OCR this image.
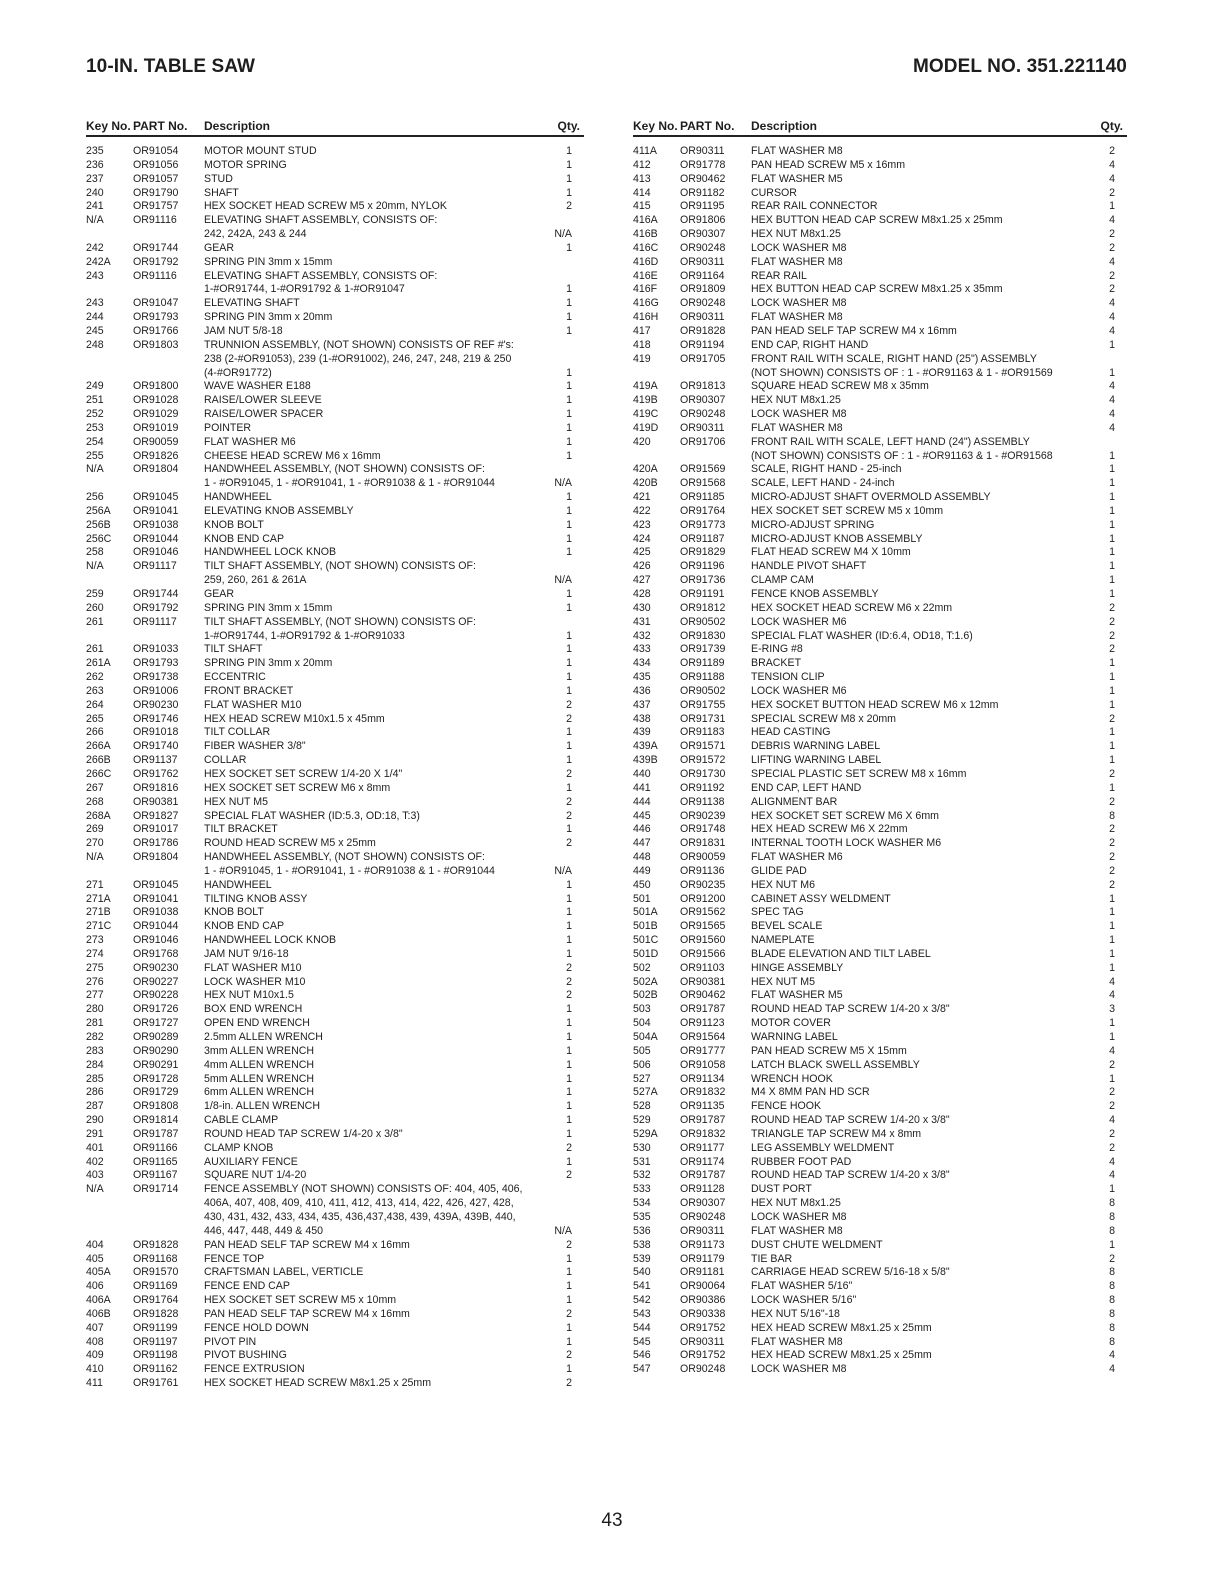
10-IN. TABLE SAW	MODEL NO. 351.221140
Key No. PART No. Description	Qty.
235	OR91054 MOTOR MOUNT STUD	1
236	OR91056 MOTOR SPRING	1
237	OR91057 STUD	1
240	OR91790 SHAFT	1
241	OR91757 HEX SOCKET HEAD SCREW M5 x 20mm, NYLOK	2
N/A	OR91116	ELEVATING SHAFT ASSEMBLY, CONSISTS OF:
242, 242A, 243 & 244	N/A
242	OR91744 GEAR	1
242A OR91792 SPRING PIN 3mm x 15mm
243	OR91116	ELEVATING SHAFT ASSEMBLY, CONSISTS OF:
1-#OR91744, 1-#OR91792 & 1-#OR91047	1
243	OR91047 ELEVATING SHAFT	1
244	OR91793 SPRING PIN 3mm x 20mm	1
245	OR91766 JAM NUT 5/8-18	1
248	OR91803 TRUNNION ASSEMBLY, (NOT SHOWN) CONSISTS OF REF #'s:
238 (2-#OR91053), 239 (1-#OR91002), 246, 247, 248, 219 & 250
(4-#OR91772)	1
249	OR91800 WAVE WASHER E188	1
251	OR91028 RAISE/LOWER SLEEVE	1
252	OR91029 RAISE/LOWER SPACER	1
253	OR91019 POINTER	1
254	OR90059 FLAT WASHER M6	1
255	OR91826 CHEESE HEAD SCREW M6 x 16mm	1
N/A	OR91804 HANDWHEEL ASSEMBLY, (NOT SHOWN) CONSISTS OF:
1 - #OR91045, 1 - #OR91041, 1 - #OR91038 & 1 - #OR91044	N/A
256	OR91045 HANDWHEEL	1
256A OR91041 ELEVATING KNOB ASSEMBLY	1
256B OR91038 KNOB BOLT	1
256C OR91044 KNOB END CAP	1
258	OR91046 HANDWHEEL LOCK KNOB	1
N/A	OR91117	TILT SHAFT ASSEMBLY, (NOT SHOWN) CONSISTS OF:
259, 260, 261 & 261A	N/A
259	OR91744 GEAR	1
260	OR91792 SPRING PIN 3mm x 15mm	1
261	OR91117	TILT SHAFT ASSEMBLY, (NOT SHOWN) CONSISTS OF:
1-#OR91744, 1-#OR91792 & 1-#OR91033	1
261	OR91033 TILT SHAFT	1
261A OR91793 SPRING PIN 3mm x 20mm	1
262	OR91738 ECCENTRIC	1
263	OR91006 FRONT BRACKET	1
264	OR90230 FLAT WASHER M10	2
265	OR91746 HEX HEAD SCREW M10x1.5 x 45mm	2
266	OR91018 TILT COLLAR	1
266A OR91740 FIBER WASHER 3/8"	1
266B OR91137 COLLAR	1
266C OR91762 HEX SOCKET SET SCREW 1/4-20 X 1/4"	2
267	OR91816 HEX SOCKET SET SCREW M6 x 8mm	1
268	OR90381 HEX NUT M5	2
268A OR91827 SPECIAL FLAT WASHER (ID:5.3, OD:18, T:3)	2
269	OR91017 TILT BRACKET	1
270	OR91786 ROUND HEAD SCREW M5 x 25mm	2
N/A	OR91804 HANDWHEEL ASSEMBLY, (NOT SHOWN) CONSISTS OF:
1 - #OR91045, 1 - #OR91041, 1 - #OR91038 & 1 - #OR91044	N/A
271	OR91045 HANDWHEEL	1
271A OR91041 TILTING KNOB ASSY	1
271B OR91038 KNOB BOLT	1
271C OR91044 KNOB END CAP	1
273	OR91046 HANDWHEEL LOCK KNOB	1
274	OR91768 JAM NUT 9/16-18	1
275	OR90230 FLAT WASHER M10	2
276	OR90227 LOCK WASHER M10	2
277	OR90228 HEX NUT M10x1.5	2
280	OR91726 BOX END WRENCH	1
281	OR91727 OPEN END WRENCH	1
282	OR90289 2.5mm ALLEN WRENCH	1
283	OR90290 3mm ALLEN WRENCH	1
284	OR90291 4mm ALLEN WRENCH	1
285	OR91728 5mm ALLEN WRENCH	1
286	OR91729 6mm ALLEN WRENCH	1
287	OR91808 1/8-in. ALLEN WRENCH	1
290	OR91814 CABLE CLAMP	1
291	OR91787 ROUND HEAD TAP SCREW 1/4-20 x 3/8"	1
401	OR91166 CLAMP KNOB	2
402	OR91165 AUXILIARY FENCE	1
403	OR91167 SQUARE NUT 1/4-20	2
N/A	OR91714 FENCE ASSEMBLY (NOT SHOWN) CONSISTS OF: 404, 405, 406,
406A, 407, 408, 409, 410, 411, 412, 413, 414, 422, 426, 427, 428,
430, 431, 432, 433, 434, 435, 436,437,438, 439, 439A, 439B, 440,
446, 447, 448, 449 & 450	N/A
404	OR91828 PAN HEAD SELF TAP SCREW M4 x 16mm	2
405	OR91168 FENCE TOP	1
405A OR91570 CRAFTSMAN LABEL, VERTICLE	1
406	OR91169 FENCE END CAP	1
406A OR91764 HEX SOCKET SET SCREW M5 x 10mm	1
406B OR91828 PAN HEAD SELF TAP SCREW M4 x 16mm	2
407	OR91199 FENCE HOLD DOWN	1
408	OR91197 PIVOT PIN	1
409	OR91198 PIVOT BUSHING	2
410	OR91162 FENCE EXTRUSION	1
411	OR91761 HEX SOCKET HEAD SCREW M8x1.25 x 25mm	2
Key No. PART No. Description	Qty.
411A OR90311 FLAT WASHER M8	2
412	OR91778 PAN HEAD SCREW M5 x 16mm	4
413	OR90462 FLAT WASHER M5	4
414	OR91182 CURSOR	2
415	OR91195 REAR RAIL CONNECTOR	1
416A OR91806 HEX BUTTON HEAD CAP SCREW M8x1.25 x 25mm	4
416B OR90307 HEX NUT M8x1.25	2
416C OR90248 LOCK WASHER M8	2
416D OR90311 FLAT WASHER M8	4
416E OR91164 REAR RAIL	2
416F OR91809 HEX BUTTON HEAD CAP SCREW M8x1.25 x 35mm	2
416G OR90248 LOCK WASHER M8	4
416H OR90311 FLAT WASHER M8	4
417	OR91828 PAN HEAD SELF TAP SCREW M4 x 16mm	4
418	OR91194 END CAP, RIGHT HAND	1
419	OR91705 FRONT RAIL WITH SCALE, RIGHT HAND (25") ASSEMBLY
(NOT SHOWN) CONSISTS OF : 1 - #OR91163 & 1 - #OR91569	1
419A OR91813 SQUARE HEAD SCREW M8 x 35mm	4
419B OR90307 HEX NUT M8x1.25	4
419C OR90248 LOCK WASHER M8	4
419D OR90311 FLAT WASHER M8	4
420	OR91706 FRONT RAIL WITH SCALE, LEFT HAND (24") ASSEMBLY
(NOT SHOWN) CONSISTS OF : 1 - #OR91163 & 1 - #OR91568	1
420A OR91569 SCALE, RIGHT HAND - 25-inch	1
420B OR91568 SCALE, LEFT HAND - 24-inch	1
421	OR91185 MICRO-ADJUST SHAFT OVERMOLD ASSEMBLY	1
422	OR91764 HEX SOCKET SET SCREW M5 x 10mm	1
423	OR91773 MICRO-ADJUST SPRING	1
424	OR91187 MICRO-ADJUST KNOB ASSEMBLY	1
425	OR91829 FLAT HEAD SCREW M4 X 10mm	1
426	OR91196 HANDLE PIVOT SHAFT	1
427	OR91736 CLAMP CAM	1
428	OR91191 FENCE KNOB ASSEMBLY	1
430	OR91812 HEX SOCKET HEAD SCREW M6 x 22mm	2
431	OR90502 LOCK WASHER M6	2
432	OR91830 SPECIAL FLAT WASHER (ID:6.4, OD18, T:1.6)	2
433	OR91739 E-RING #8	2
434	OR91189 BRACKET	1
435	OR91188 TENSION CLIP	1
436	OR90502 LOCK WASHER M6	1
437	OR91755 HEX SOCKET BUTTON HEAD SCREW M6 x 12mm	1
438	OR91731 SPECIAL SCREW M8 x 20mm	2
439	OR91183 HEAD CASTING	1
439A OR91571 DEBRIS WARNING LABEL	1
439B OR91572 LIFTING WARNING LABEL	1
440	OR91730 SPECIAL PLASTIC SET SCREW M8 x 16mm	2
441	OR91192 END CAP, LEFT HAND	1
444	OR91138 ALIGNMENT BAR	2
445	OR90239 HEX SOCKET SET SCREW M6 X 6mm	8
446	OR91748 HEX HEAD SCREW M6 X 22mm	2
447	OR91831 INTERNAL TOOTH LOCK WASHER M6	2
448	OR90059 FLAT WASHER M6	2
449	OR91136 GLIDE PAD	2
450	OR90235 HEX NUT M6	2
501	OR91200 CABINET ASSY WELDMENT	1
501A OR91562 SPEC TAG	1
501B OR91565 BEVEL SCALE	1
501C OR91560 NAMEPLATE	1
501D OR91566 BLADE ELEVATION AND TILT LABEL	1
502	OR91103 HINGE ASSEMBLY	1
502A OR90381 HEX NUT M5	4
502B OR90462 FLAT WASHER M5	4
503	OR91787 ROUND HEAD TAP SCREW 1/4-20 x 3/8"	3
504	OR91123 MOTOR COVER	1
504A OR91564 WARNING LABEL	1
505	OR91777 PAN HEAD SCREW M5 X 15mm	4
506	OR91058 LATCH BLACK SWELL ASSEMBLY	2
527	OR91134 WRENCH HOOK	1
527A OR91832 M4 X 8MM PAN HD SCR	2
528	OR91135 FENCE HOOK	2
529	OR91787 ROUND HEAD TAP SCREW 1/4-20 x 3/8"	4
529A OR91832 TRIANGLE TAP SCREW M4 x 8mm	2
530	OR91177 LEG ASSEMBLY WELDMENT	2
531	OR91174 RUBBER FOOT PAD	4
532	OR91787 ROUND HEAD TAP SCREW 1/4-20 x 3/8"	4
533	OR91128 DUST PORT	1
534	OR90307 HEX NUT M8x1.25	8
535	OR90248 LOCK WASHER M8	8
536	OR90311 FLAT WASHER M8	8
538	OR91173 DUST CHUTE WELDMENT	1
539	OR91179 TIE BAR	2
540	OR91181 CARRIAGE HEAD SCREW 5/16-18 x 5/8"	8
541	OR90064 FLAT WASHER 5/16"	8
542	OR90386 LOCK WASHER 5/16"	8
543	OR90338 HEX NUT 5/16"-18	8
544	OR91752 HEX HEAD SCREW M8x1.25 x 25mm	8
545	OR90311 FLAT WASHER M8	8
546	OR91752 HEX HEAD SCREW M8x1.25 x 25mm	4
547	OR90248 LOCK WASHER M8	4
43
